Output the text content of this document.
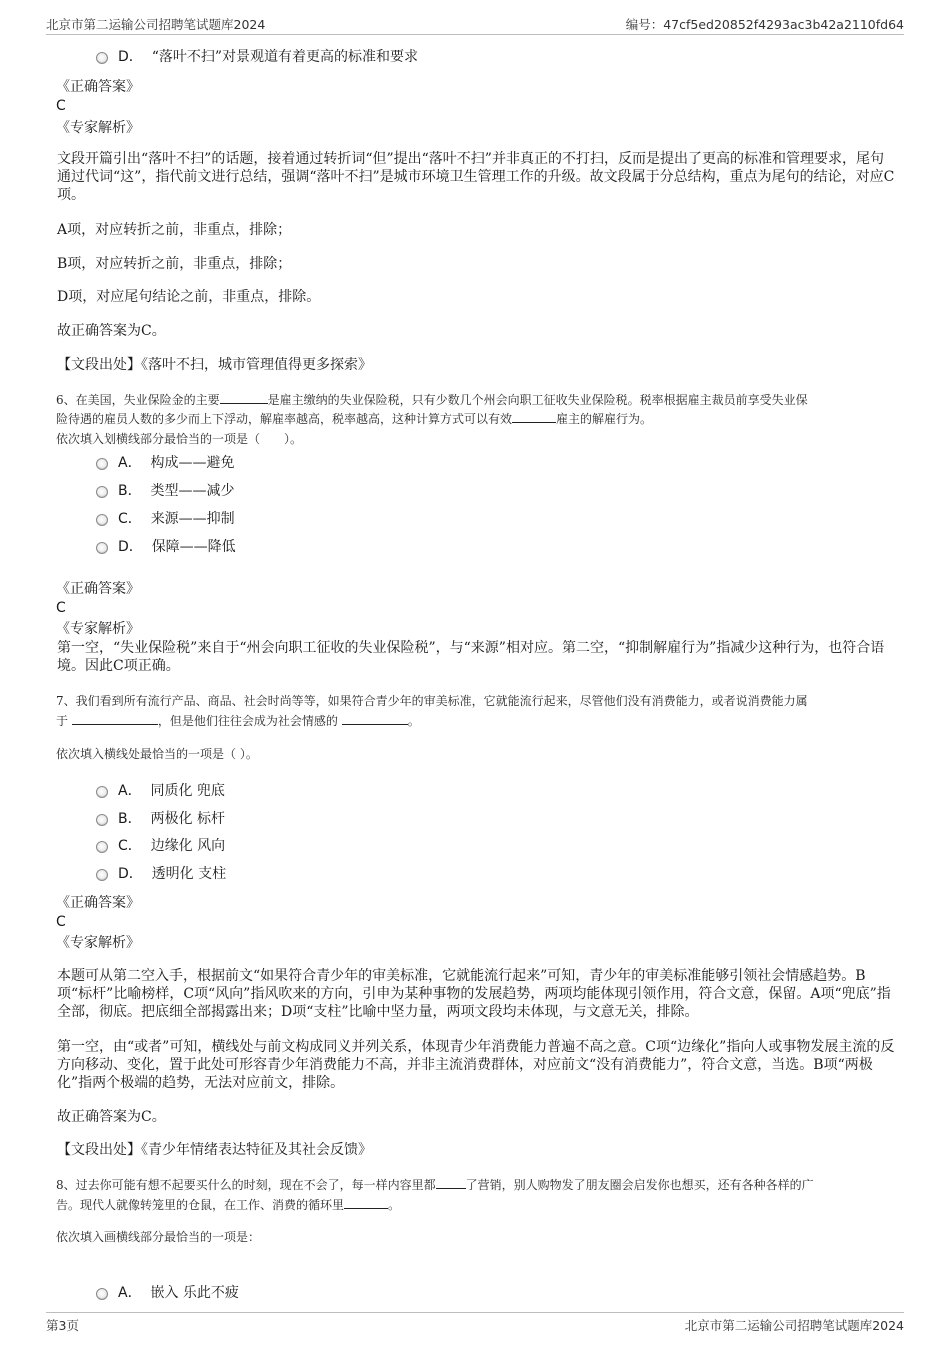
北京市第二运输公司招聘笔试题库2024	编号：47cf5ed20852f4293ac3b42a2110fd64
D． “落叶不扫”对景观道有着更高的标准和要求
《正确答案》
C
《专家解析》
文段开篇引出“落叶不扫”的话题，接着通过转折词“但”提出“落叶不扫”并非真正的不打扫，反而是提出了更高的标准和管理要求，尾句通过代词“这”，指代前文进行总结，强调“落叶不扫”是城市环境卫生管理工作的升级。故文段属于分总结构，重点为尾句的结论，对应C项。
A项，对应转折之前，非重点，排除；
B项，对应转折之前，非重点，排除；
D项，对应尾句结论之前，非重点，排除。
故正确答案为C。
【文段出处】《落叶不扫，城市管理值得更多探索》
6、在美国，失业保险金的主要	是雇主缴纳的失业保险税，只有少数几个州会向职工征收失业保险税。税率根据雇主裁员前享受失业保
险待遇的雇员人数的多少而上下浮动，解雇率越高，税率越高，这种计算方式可以有效	雇主的解雇行为。
依次填入划横线部分最恰当的一项是（　　）。
A． 构成——避免
B． 类型——减少
C． 来源——抑制
D． 保障——降低
《正确答案》
C
《专家解析》
第一空，“失业保险税”来自于“州会向职工征收的失业保险税”，与“来源”相对应。第二空，“抑制解雇行为”指减少这种行为，也符合语境。因此C项正确。
7、我们看到所有流行产品、商品、社会时尚等等，如果符合青少年的审美标准，它就能流行起来，尽管他们没有消费能力，或者说消费能力属
于	，但是他们往往会成为社会情感的	。
依次填入横线处最恰当的一项是（ ）。
A． 同质化 兜底
B． 两极化 标杆
C． 边缘化 风向
D． 透明化 支柱
《正确答案》
C
《专家解析》
本题可从第二空入手，根据前文“如果符合青少年的审美标准，它就能流行起来”可知，青少年的审美标准能够引领社会情感趋势。B项“标杆”比喻榜样，C项“风向”指风吹来的方向，引申为某种事物的发展趋势，两项均能体现引领作用，符合文意，保留。A项“兜底”指全部，彻底。把底细全部揭露出来；D项“支柱”比喻中坚力量，两项文段均未体现，与文意无关，排除。
第一空，由“或者”可知，横线处与前文构成同义并列关系，体现青少年消费能力普遍不高之意。C项“边缘化”指向人或事物发展主流的反方向移动、变化，置于此处可形容青少年消费能力不高，并非主流消费群体，对应前文“没有消费能力”，符合文意，当选。B项“两极化”指两个极端的趋势，无法对应前文，排除。
故正确答案为C。
【文段出处】《青少年情绪表达特征及其社会反馈》
8、过去你可能有想不起要买什么的时刻，现在不会了，每一样内容里都	了营销，别人购物发了朋友圈会启发你也想买，还有各种各样的广
告。现代人就像转笼里的仓鼠，在工作、消费的循环里	。
依次填入画横线部分最恰当的一项是：
A． 嵌入 乐此不疲
第3页	北京市第二运输公司招聘笔试题库2024
